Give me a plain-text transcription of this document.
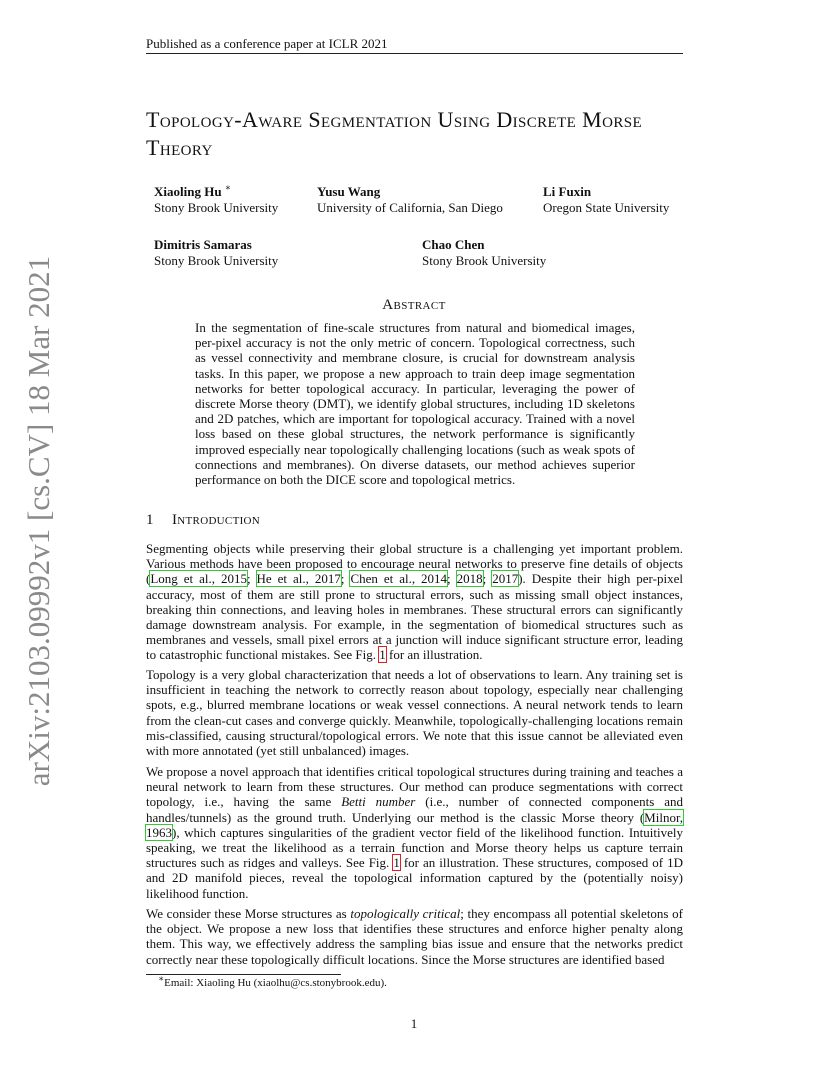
arXiv:2103.09992v1 [cs.CV] 18 Mar 2021
Published as a conference paper at ICLR 2021
Topology-Aware Segmentation Using Discrete Morse Theory
Xiaoling Hu ∗
Stony Brook University
Yusu Wang
University of California, San Diego
Li Fuxin
Oregon State University
Dimitris Samaras
Stony Brook University
Chao Chen
Stony Brook University
Abstract
In the segmentation of fine-scale structures from natural and biomedical images, per-pixel accuracy is not the only metric of concern. Topological correctness, such as vessel connectivity and membrane closure, is crucial for downstream analysis tasks. In this paper, we propose a new approach to train deep image segmentation networks for better topological accuracy. In particular, leveraging the power of discrete Morse theory (DMT), we identify global structures, including 1D skeletons and 2D patches, which are important for topological accuracy. Trained with a novel loss based on these global structures, the network performance is significantly improved especially near topologically challenging locations (such as weak spots of connections and membranes). On diverse datasets, our method achieves superior performance on both the DICE score and topological metrics.
1 Introduction
Segmenting objects while preserving their global structure is a challenging yet important problem. Various methods have been proposed to encourage neural networks to preserve fine details of objects (Long et al., 2015; He et al., 2017; Chen et al., 2014; 2018; 2017). Despite their high per-pixel accuracy, most of them are still prone to structural errors, such as missing small object instances, breaking thin connections, and leaving holes in membranes. These structural errors can significantly damage downstream analysis. For example, in the segmentation of biomedical structures such as membranes and vessels, small pixel errors at a junction will induce significant structure error, leading to catastrophic functional mistakes. See Fig. 1 for an illustration.
Topology is a very global characterization that needs a lot of observations to learn. Any training set is insufficient in teaching the network to correctly reason about topology, especially near challenging spots, e.g., blurred membrane locations or weak vessel connections. A neural network tends to learn from the clean-cut cases and converge quickly. Meanwhile, topologically-challenging locations remain mis-classified, causing structural/topological errors. We note that this issue cannot be alleviated even with more annotated (yet still unbalanced) images.
We propose a novel approach that identifies critical topological structures during training and teaches a neural network to learn from these structures. Our method can produce segmentations with correct topology, i.e., having the same Betti number (i.e., number of connected components and handles/tunnels) as the ground truth. Underlying our method is the classic Morse theory (Milnor, 1963), which captures singularities of the gradient vector field of the likelihood function. Intuitively speaking, we treat the likelihood as a terrain function and Morse theory helps us capture terrain structures such as ridges and valleys. See Fig. 1 for an illustration. These structures, composed of 1D and 2D manifold pieces, reveal the topological information captured by the (potentially noisy) likelihood function.
We consider these Morse structures as topologically critical; they encompass all potential skeletons of the object. We propose a new loss that identifies these structures and enforce higher penalty along them. This way, we effectively address the sampling bias issue and ensure that the networks predict correctly near these topologically difficult locations. Since the Morse structures are identified based
∗Email: Xiaoling Hu (xiaolhu@cs.stonybrook.edu).
1
